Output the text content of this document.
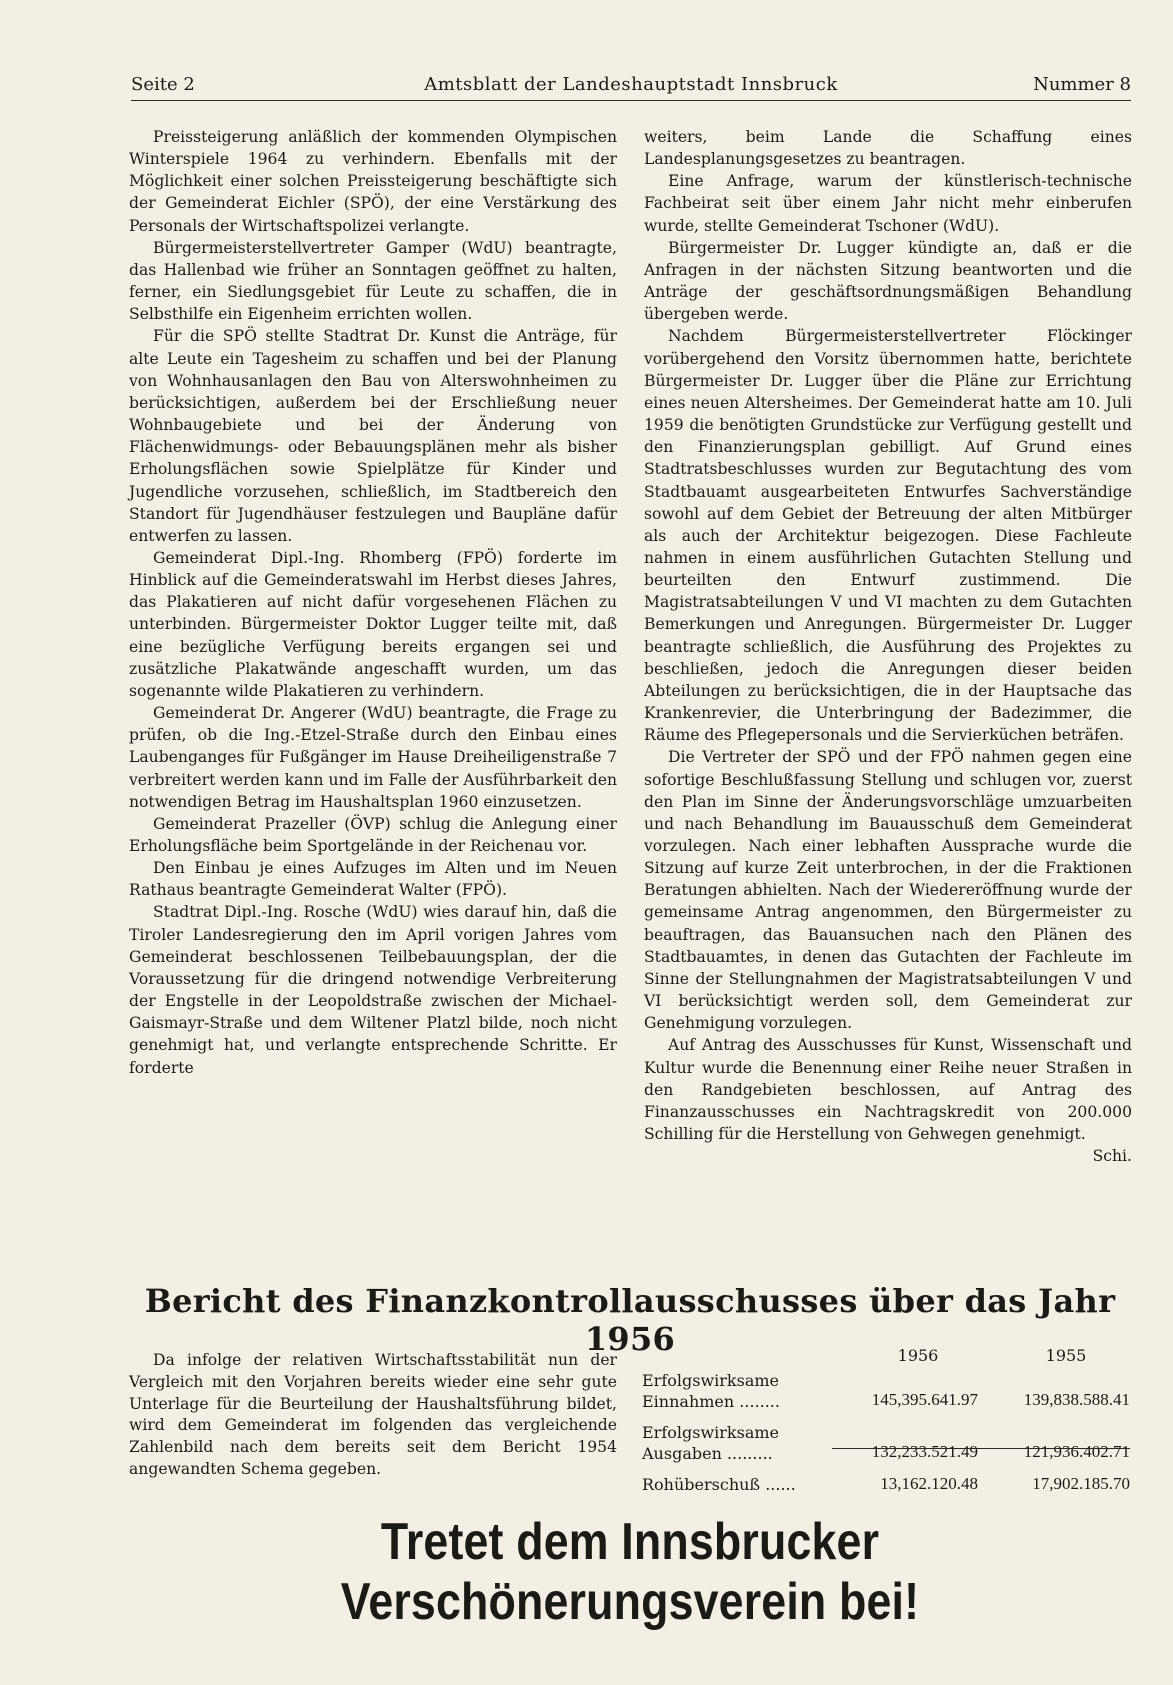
Seite 2	Amtsblatt der Landeshauptstadt Innsbruck	Nummer 8

Preissteigerung anläßlich der kommenden Olympischen Winterspiele 1964 zu verhindern. Ebenfalls mit der Möglichkeit einer solchen Preissteigerung beschäftigte sich der Gemeinderat Eichler (SPÖ), der eine Verstärkung des Personals der Wirtschaftspolizei verlangte.

Bürgermeisterstellvertreter Gamper (WdU) beantragte, das Hallenbad wie früher an Sonntagen geöffnet zu halten, ferner, ein Siedlungsgebiet für Leute zu schaffen, die in Selbsthilfe ein Eigenheim errichten wollen.

Für die SPÖ stellte Stadtrat Dr. Kunst die Anträge, für alte Leute ein Tagesheim zu schaffen und bei der Planung von Wohnhausanlagen den Bau von Alterswohnheimen zu berücksichtigen, außerdem bei der Erschließung neuer Wohnbaugebiete und bei der Änderung von Flächenwidmungs- oder Bebauungsplänen mehr als bisher Erholungsflächen sowie Spielplätze für Kinder und Jugendliche vorzusehen, schließlich, im Stadtbereich den Standort für Jugendhäuser festzulegen und Baupläne dafür entwerfen zu lassen.

Gemeinderat Dipl.-Ing. Rhomberg (FPÖ) forderte im Hinblick auf die Gemeinderatswahl im Herbst dieses Jahres, das Plakatieren auf nicht dafür vorgesehenen Flächen zu unterbinden. Bürgermeister Doktor Lugger teilte mit, daß eine bezügliche Verfügung bereits ergangen sei und zusätzliche Plakatwände angeschafft wurden, um das sogenannte wilde Plakatieren zu verhindern.

Gemeinderat Dr. Angerer (WdU) beantragte, die Frage zu prüfen, ob die Ing.-Etzel-Straße durch den Einbau eines Laubenganges für Fußgänger im Hause Dreiheiligenstraße 7 verbreitert werden kann und im Falle der Ausführbarkeit den notwendigen Betrag im Haushaltsplan 1960 einzusetzen.

Gemeinderat Prazeller (ÖVP) schlug die Anlegung einer Erholungsfläche beim Sportgelände in der Reichenau vor.

Den Einbau je eines Aufzuges im Alten und im Neuen Rathaus beantragte Gemeinderat Walter (FPÖ).

Stadtrat Dipl.-Ing. Rosche (WdU) wies darauf hin, daß die Tiroler Landesregierung den im April vorigen Jahres vom Gemeinderat beschlossenen Teilbebauungsplan, der die Voraussetzung für die dringend notwendige Verbreiterung der Engstelle in der Leopoldstraße zwischen der Michael-Gaismayr-Straße und dem Wiltener Platzl bilde, noch nicht genehmigt hat, und verlangte entsprechende Schritte. Er forderte

weiters, beim Lande die Schaffung eines Landesplanungsgesetzes zu beantragen.

Eine Anfrage, warum der künstlerisch-technische Fachbeirat seit über einem Jahr nicht mehr einberufen wurde, stellte Gemeinderat Tschoner (WdU).

Bürgermeister Dr. Lugger kündigte an, daß er die Anfragen in der nächsten Sitzung beantworten und die Anträge der geschäftsordnungsmäßigen Behandlung übergeben werde.

Nachdem Bürgermeisterstellvertreter Flöckinger vorübergehend den Vorsitz übernommen hatte, berichtete Bürgermeister Dr. Lugger über die Pläne zur Errichtung eines neuen Altersheimes. Der Gemeinderat hatte am 10. Juli 1959 die benötigten Grundstücke zur Verfügung gestellt und den Finanzierungsplan gebilligt. Auf Grund eines Stadtratsbeschlusses wurden zur Begutachtung des vom Stadtbauamt ausgearbeiteten Entwurfes Sachverständige sowohl auf dem Gebiet der Betreuung der alten Mitbürger als auch der Architektur beigezogen. Diese Fachleute nahmen in einem ausführlichen Gutachten Stellung und beurteilten den Entwurf zustimmend. Die Magistratsabteilungen V und VI machten zu dem Gutachten Bemerkungen und Anregungen. Bürgermeister Dr. Lugger beantragte schließlich, die Ausführung des Projektes zu beschließen, jedoch die Anregungen dieser beiden Abteilungen zu berücksichtigen, die in der Hauptsache das Krankenrevier, die Unterbringung der Badezimmer, die Räume des Pflegepersonals und die Servierküchen beträfen.

Die Vertreter der SPÖ und der FPÖ nahmen gegen eine sofortige Beschlußfassung Stellung und schlugen vor, zuerst den Plan im Sinne der Änderungsvorschläge umzuarbeiten und nach Behandlung im Bauausschuß dem Gemeinderat vorzulegen. Nach einer lebhaften Aussprache wurde die Sitzung auf kurze Zeit unterbrochen, in der die Fraktionen Beratungen abhielten. Nach der Wiedereröffnung wurde der gemeinsame Antrag angenommen, den Bürgermeister zu beauftragen, das Bauansuchen nach den Plänen des Stadtbauamtes, in denen das Gutachten der Fachleute im Sinne der Stellungnahmen der Magistratsabteilungen V und VI berücksichtigt werden soll, dem Gemeinderat zur Genehmigung vorzulegen.

Auf Antrag des Ausschusses für Kunst, Wissenschaft und Kultur wurde die Benennung einer Reihe neuer Straßen in den Randgebieten beschlossen, auf Antrag des Finanzausschusses ein Nachtragskredit von 200.000 Schilling für die Herstellung von Gehwegen genehmigt.

Schi.

Bericht des Finanzkontrollausschusses über das Jahr 1956

Da infolge der relativen Wirtschaftsstabilität nun der Vergleich mit den Vorjahren bereits wieder eine sehr gute Unterlage für die Beurteilung der Haushaltsführung bildet, wird dem Gemeinderat im folgenden das vergleichende Zahlenbild nach dem bereits seit dem Bericht 1954 angewandten Schema gegeben.

1956	1955
Erfolgswirksame
Einnahmen ........	145,395.641.97	139,838.588.41
Erfolgswirksame
Ausgaben .........	132,233.521.49	121,936.402.71
Rohüberschuß ......	13,162.120.48	17,902.185.70
Tretet dem Innsbrucker Verschönerungsverein bei!
